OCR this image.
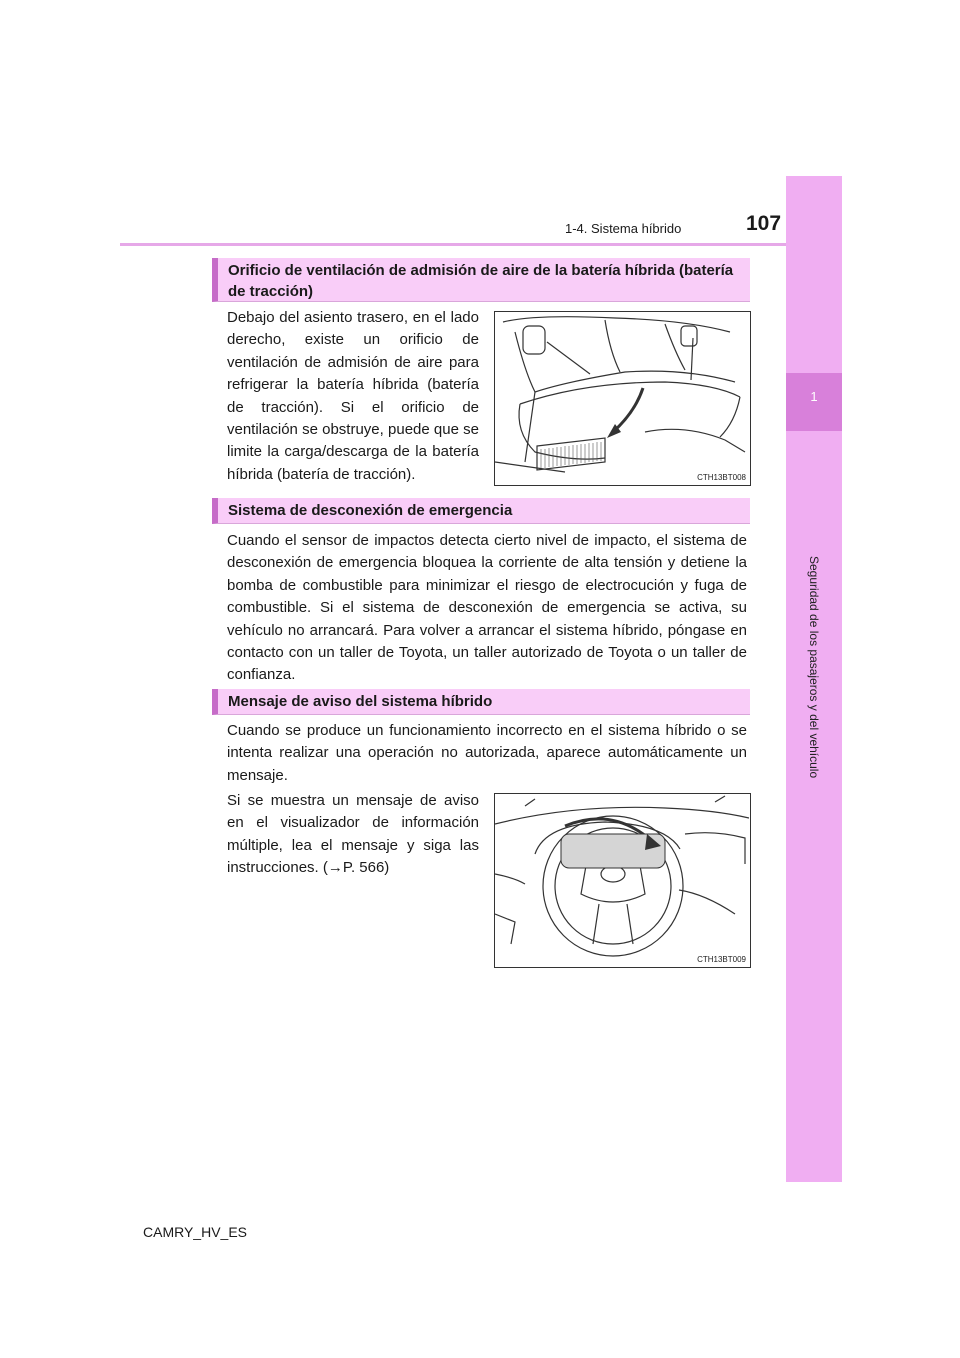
1-4. Sistema híbrido	107
1
Orificio de ventilación de admisión de aire de la batería híbrida (batería de tracción)
Debajo del asiento trasero, en el lado derecho, existe un orificio de ventilación de admisión de aire para refrigerar la batería híbrida (batería de tracción). Si el orificio de ventilación se obstruye, puede que se limite la carga/descarga de la batería híbrida (batería de tracción).	CTH13BT008
Sistema de desconexión de emergencia
Cuando el sensor de impactos detecta cierto nivel de impacto, el sistema de desconexión de emergencia bloquea la corriente de alta tensión y detiene la bomba de combustible para minimizar el riesgo de electrocución y fuga de combustible. Si el sistema de desconexión de emergencia se activa, su vehículo no arrancará. Para volver a arrancar el sistema híbrido, póngase en contacto con un taller de Toyota, un taller autorizado de Toyota o un taller de confianza.
Mensaje de aviso del sistema híbrido
Cuando se produce un funcionamiento incorrecto en el sistema híbrido o se intenta realizar una operación no autorizada, aparece automáticamente un mensaje.
Si se muestra un mensaje de aviso en el visualizador de información múltiple, lea el mensaje y siga las instrucciones. (→P. 566)
CTH13BT009
CAMRY_HV_ES
